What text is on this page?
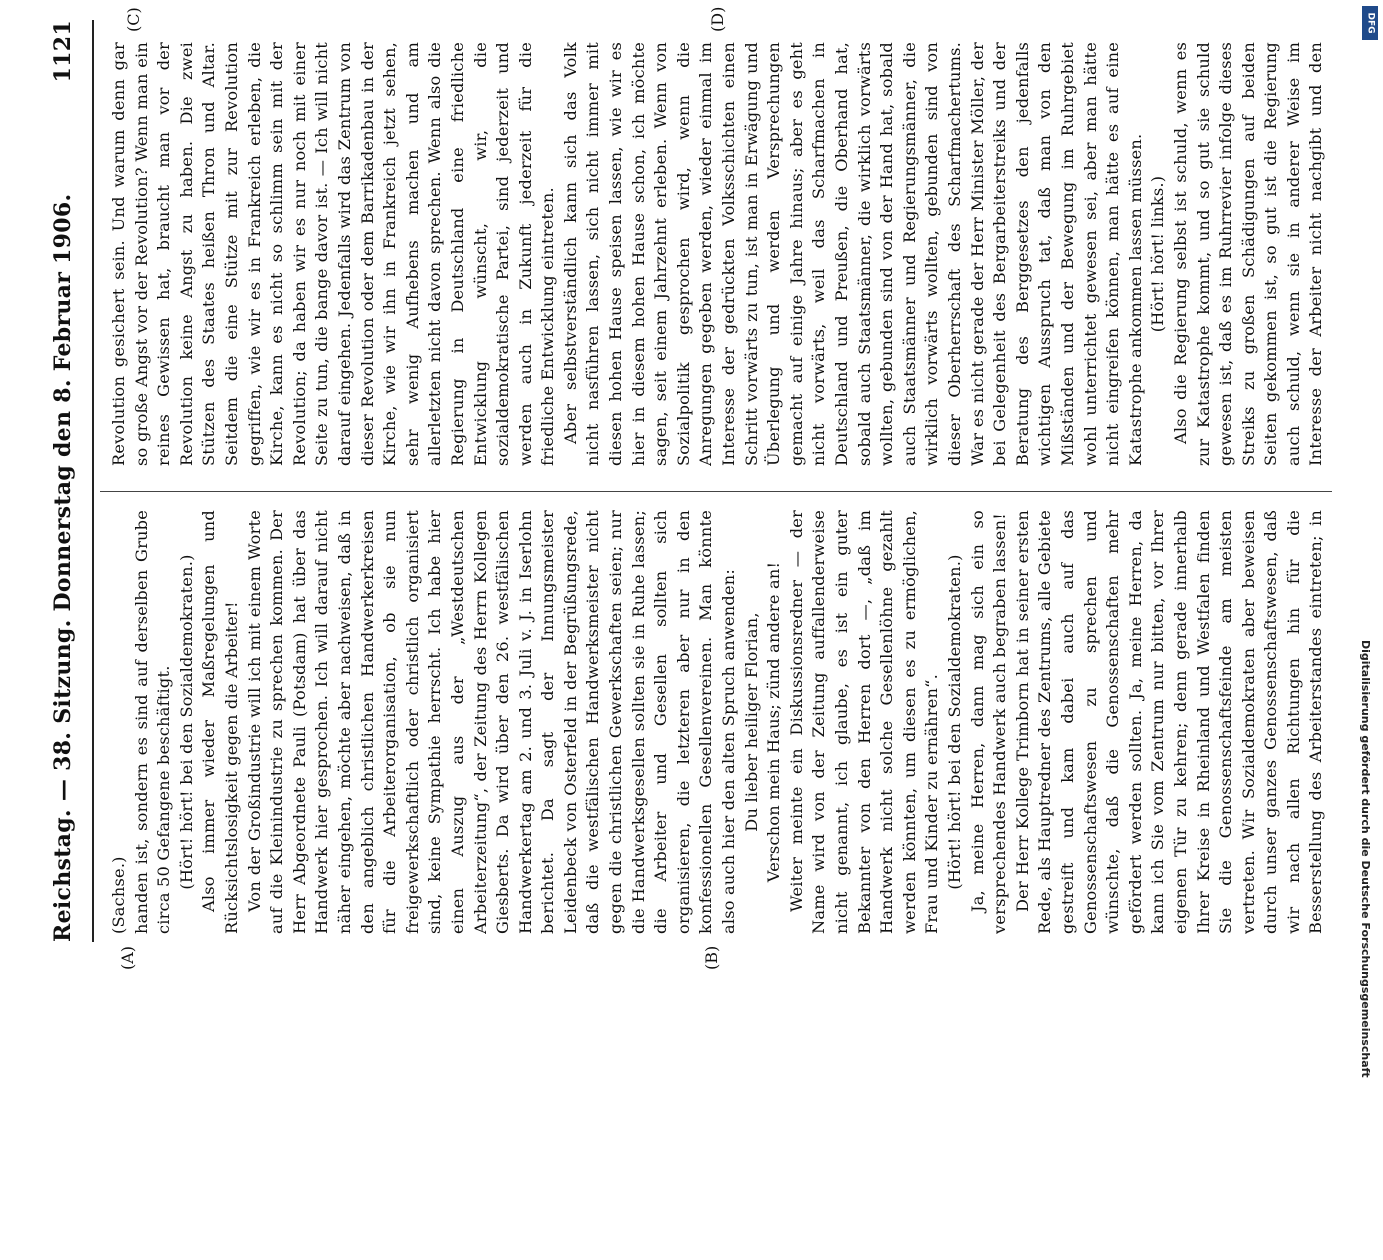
Reichstag. — 38. Sitzung. Donnerstag den 8. Februar 1906.
1121
(A)	(B)
(C)	(D)

(Sachse.) handen ist, sondern es sind auf derselben Grube circa 50 Gefangene beschäftigt. (Hört! hört! bei den Sozialdemokraten.) Also immer wieder Maßregelungen und Rücksichtslosigkeit gegen die Arbeiter! Von der Großindustrie will ich mit einem Worte auf die Kleinindustrie zu sprechen kommen. Der Herr Abgeordnete Pauli (Potsdam) hat über das Handwerk hier gesprochen. Ich will darauf nicht näher eingehen, möchte aber nachweisen, daß in den angeblich christlichen Handwerkerkreisen für die Arbeiterorganisation, ob sie nun freigewerkschaftlich oder christlich organisiert sind, keine Sympathie herrscht. Ich habe hier einen Auszug aus der „Westdeutschen Arbeiterzeitung“, der Zeitung des Herrn Kollegen Giesberts. Da wird über den 26. westfälischen Handwerkertag am 2. und 3. Juli v. J. in Iserlohn berichtet. Da sagt der Innungsmeister Leidenbeck von Osterfeld in der Begrüßungsrede, daß die westfälischen Handwerksmeister nicht gegen die christlichen Gewerkschaften seien; nur die Handwerksgesellen sollten sie in Ruhe lassen; die Arbeiter und Gesellen sollten sich organisieren, die letzteren aber nur in den konfessionellen Gesellenvereinen. Man könnte also auch hier den alten Spruch anwenden: Du lieber heiliger Florian, Verschon mein Haus; zünd andere an! Weiter meinte ein Diskussionsredner — der Name wird von der Zeitung auffallenderweise nicht genannt, ich glaube, es ist ein guter Bekannter von den Herren dort —, „daß im Handwerk nicht solche Gesellenlöhne gezahlt werden könnten, um diesen es zu ermöglichen, Frau und Kinder zu ernähren“. (Hört! hört! bei den Sozialdemokraten.) Ja, meine Herren, dann mag sich ein so versprechendes Handwerk auch begraben lassen! Der Herr Kollege Trimborn hat in seiner ersten Rede, als Hauptredner des Zentrums, alle Gebiete gestreift und kam dabei auch auf das Genossenschaftswesen zu sprechen und wünschte, daß die Genossenschaften mehr gefördert werden sollten. Ja, meine Herren, da kann ich Sie vom Zentrum nur bitten, vor Ihrer eigenen Tür zu kehren; denn gerade innerhalb Ihrer Kreise in Rheinland und Westfalen finden Sie die Genossenschaftsfeinde am meisten vertreten. Wir Sozialdemokraten aber beweisen durch unser ganzes Genossenschaftswesen, daß wir nach allen Richtungen hin für die Besserstellung des Arbeiterstandes eintreten; in

Revolution gesichert sein. Und warum denn gar so große Angst vor der Revolution? Wenn man ein reines Gewissen hat, braucht man vor der Revolution keine Angst zu haben. Die zwei Stützen des Staates heißen Thron und Altar. Seitdem die eine Stütze mit zur Revolution gegriffen, wie wir es in Frankreich erleben, die Kirche, kann es nicht so schlimm sein mit der Revolution; da haben wir es nur noch mit einer Seite zu tun, die bange davor ist. — Ich will nicht darauf eingehen. Jedenfalls wird das Zentrum von dieser Revolution oder dem Barrikadenbau in der Kirche, wie wir ihn in Frankreich jetzt sehen, sehr wenig Aufhebens machen und am allerletzten nicht davon sprechen. Wenn also die Regierung in Deutschland eine friedliche Entwicklung wünscht, wir, die sozialdemokratische Partei, sind jederzeit und werden auch in Zukunft jederzeit für die friedliche Entwicklung eintreten. Aber selbstverständlich kann sich das Volk nicht nasführen lassen, sich nicht immer mit diesen hohen Hause speisen lassen, wie wir es hier in diesem hohen Hause schon, ich möchte sagen, seit einem Jahrzehnt erleben. Wenn von Sozialpolitik gesprochen wird, wenn die Anregungen gegeben werden, wieder einmal im Interesse der gedrückten Volksschichten einen Schritt vorwärts zu tun, ist man in Erwägung und Überlegung und werden Versprechungen gemacht auf einige Jahre hinaus; aber es geht nicht vorwärts, weil das Scharfmachen in Deutschland und Preußen, die Oberhand hat, sobald auch Staatsmänner, die wirklich vorwärts wollten, gebunden sind von der Hand hat, sobald auch Staatsmänner und Regierungsmänner, die wirklich vorwärts wollten, gebunden sind von dieser Oberherrschaft des Scharfmachertums. War es nicht gerade der Herr Minister Möller, der bei Gelegenheit des Bergarbeiterstreiks und der Beratung des Berggesetzes den jedenfalls wichtigen Ausspruch tat, daß man von den Mißständen und der Bewegung im Ruhrgebiet wohl unterrichtet gewesen sei, aber man hätte nicht eingreifen können, man hätte es auf eine Katastrophe ankommen lassen müssen. (Hört! hört! links.)

Also die Regierung selbst ist schuld, wenn es zur Katastrophe kommt, und so gut sie schuld gewesen ist, daß es im Ruhrrevier infolge dieses Streiks zu großen Schädigungen auf beiden Seiten gekommen ist, so gut ist die Regierung auch schuld, wenn sie in anderer Weise im Interesse der Arbeiter nicht nachgibt und den

DFG
Digitalisierung gefördert durch die Deutsche Forschungsgemeinschaft
